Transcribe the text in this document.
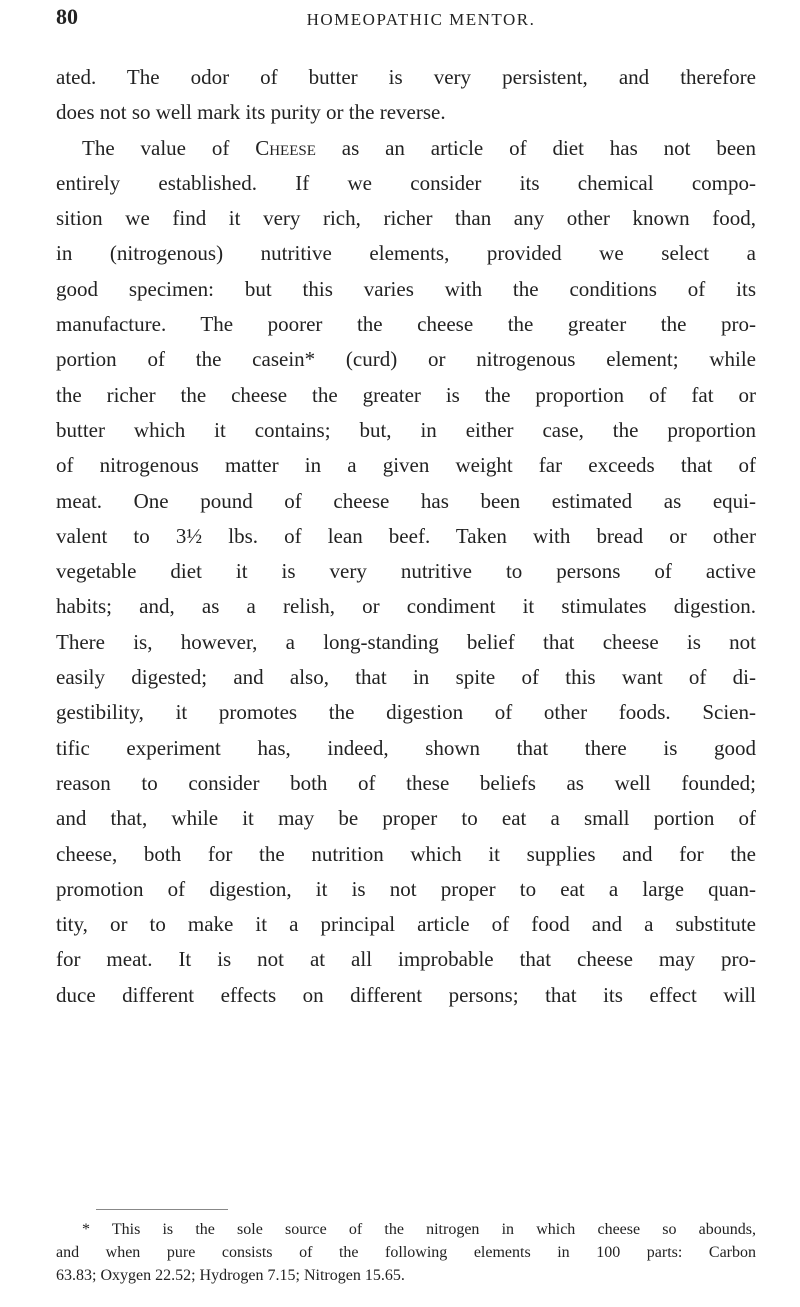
80	HOMEOPATHIC MENTOR.
ated. The odor of butter is very persistent, and therefore
does not so well mark its purity or the reverse.
The value of Cheese as an article of diet has not been
entirely established. If we consider its chemical compo-
sition we find it very rich, richer than any other known food,
in (nitrogenous) nutritive elements, provided we select a
good specimen: but this varies with the conditions of its
manufacture. The poorer the cheese the greater the pro-
portion of the casein* (curd) or nitrogenous element; while
the richer the cheese the greater is the proportion of fat or
butter which it contains; but, in either case, the proportion
of nitrogenous matter in a given weight far exceeds that of
meat. One pound of cheese has been estimated as equi-
valent to 3½ lbs. of lean beef. Taken with bread or other
vegetable diet it is very nutritive to persons of active
habits; and, as a relish, or condiment it stimulates digestion.
There is, however, a long-standing belief that cheese is not
easily digested; and also, that in spite of this want of di-
gestibility, it promotes the digestion of other foods. Scien-
tific experiment has, indeed, shown that there is good
reason to consider both of these beliefs as well founded;
and that, while it may be proper to eat a small portion of
cheese, both for the nutrition which it supplies and for the
promotion of digestion, it is not proper to eat a large quan-
tity, or to make it a principal article of food and a substitute
for meat. It is not at all improbable that cheese may pro-
duce different effects on different persons; that its effect will
* This is the sole source of the nitrogen in which cheese so abounds,
and when pure consists of the following elements in 100 parts: Carbon
63.83; Oxygen 22.52; Hydrogen 7.15; Nitrogen 15.65.
